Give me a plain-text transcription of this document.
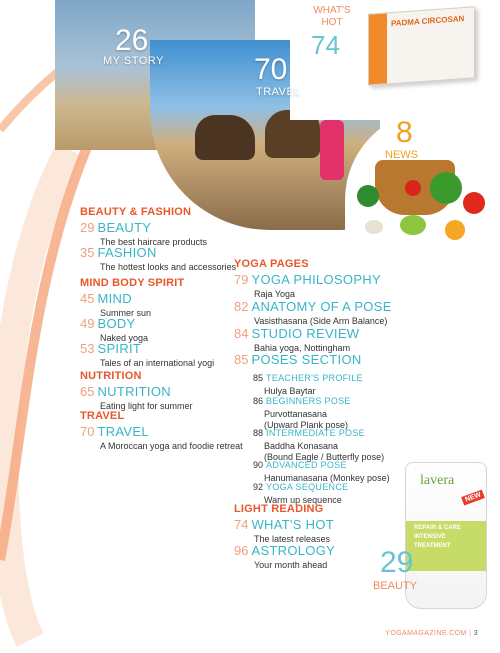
PADMA CIRCOSAN
26
MY STORY	70
TRAVEL
WHAT'S HOT
74
8
NEWS
lavera
NEW
REPAIR & CARE
INTENSIVE
TREATMENT
29
BEAUTY
BEAUTY & FASHION
29 BEAUTY
The best haircare products
35 FASHION
The hottest looks and accessories
MIND BODY SPIRIT
45 MIND
Summer sun
49 BODY
Naked yoga
53 SPIRIT
Tales of an international yogi
NUTRITION
65 NUTRITION
Eating light for summer
TRAVEL
70 TRAVEL
A Moroccan yoga and foodie retreat
YOGA PAGES
79 YOGA PHILOSOPHY
Raja Yoga
82 ANATOMY OF A POSE
Vasisthasana (Side Arm Balance)
84 STUDIO REVIEW
Bahia yoga, Nottingham
85 POSES SECTION
85 TEACHER'S PROFILE
Hulya Baytar
86 BEGINNERS POSE
Purvottanasana
(Upward Plank pose)
88 INTERMEDIATE POSE
Baddha Konasana
(Bound Eagle / Butterfly pose)
90 ADVANCED POSE
Hanumanasana (Monkey pose)
92 YOGA SEQUENCE
Warm up sequence
LIGHT READING
74 WHAT'S HOT
The latest releases
96 ASTROLOGY
Your month ahead
YOGAMAGAZINE.COM | 3
